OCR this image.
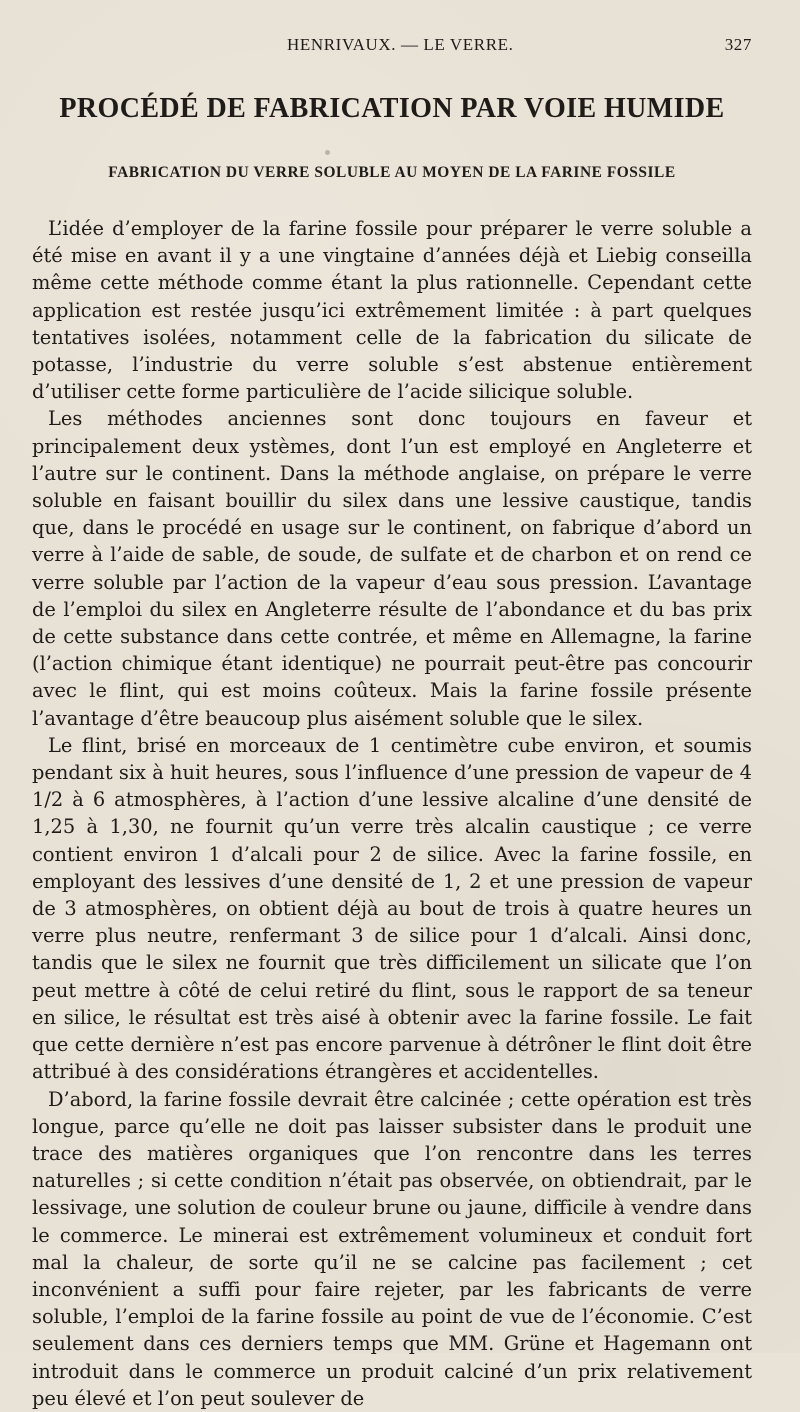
HENRIVAUX. — LE VERRE.	327
PROCÉDÉ DE FABRICATION PAR VOIE HUMIDE
FABRICATION DU VERRE SOLUBLE AU MOYEN DE LA FARINE FOSSILE

L’idée d’employer de la farine fossile pour préparer le verre soluble a été mise en avant il y a une vingtaine d’années déjà et Liebig conseilla même cette méthode comme étant la plus rationnelle. Cependant cette application est restée jusqu’ici extrêmement limitée : à part quelques tentatives isolées, notamment celle de la fabrication du silicate de potasse, l’industrie du verre soluble s’est abstenue entièrement d’utiliser cette forme particulière de l’acide silicique soluble.

Les méthodes anciennes sont donc toujours en faveur et principalement deux ystèmes, dont l’un est employé en Angleterre et l’autre sur le continent. Dans la méthode anglaise, on prépare le verre soluble en faisant bouillir du silex dans une lessive caustique, tandis que, dans le procédé en usage sur le continent, on fabrique d’abord un verre à l’aide de sable, de soude, de sulfate et de charbon et on rend ce verre soluble par l’action de la vapeur d’eau sous pression. L’avantage de l’emploi du silex en Angleterre résulte de l’abondance et du bas prix de cette substance dans cette contrée, et même en Allemagne, la farine (l’action chimique étant identique) ne pourrait peut-être pas concourir avec le flint, qui est moins coûteux. Mais la farine fossile présente l’avantage d’être beaucoup plus aisément soluble que le silex.

Le flint, brisé en morceaux de 1 centimètre cube environ, et soumis pendant six à huit heures, sous l’influence d’une pression de vapeur de 4 1/2 à 6 atmosphères, à l’action d’une lessive alcaline d’une densité de 1,25 à 1,30, ne fournit qu’un verre très alcalin caustique ; ce verre contient environ 1 d’alcali pour 2 de silice. Avec la farine fossile, en employant des lessives d’une densité de 1, 2 et une pression de vapeur de 3 atmosphères, on obtient déjà au bout de trois à quatre heures un verre plus neutre, renfermant 3 de silice pour 1 d’alcali. Ainsi donc, tandis que le silex ne fournit que très difficilement un silicate que l’on peut mettre à côté de celui retiré du flint, sous le rapport de sa teneur en silice, le résultat est très aisé à obtenir avec la farine fossile. Le fait que cette dernière n’est pas encore parvenue à détrôner le flint doit être attribué à des considérations étrangères et accidentelles.

D’abord, la farine fossile devrait être calcinée ; cette opération est très longue, parce qu’elle ne doit pas laisser subsister dans le produit une trace des matières organiques que l’on rencontre dans les terres naturelles ; si cette condition n’était pas observée, on obtiendrait, par le lessivage, une solution de couleur brune ou jaune, difficile à vendre dans le commerce. Le minerai est extrêmement volumineux et conduit fort mal la chaleur, de sorte qu’il ne se calcine pas facilement ; cet inconvénient a suffi pour faire rejeter, par les fabricants de verre soluble, l’emploi de la farine fossile au point de vue de l’économie. C’est seulement dans ces derniers temps que MM. Grüne et Hagemann ont introduit dans le commerce un produit calciné d’un prix relativement peu élevé et l’on peut soulever de
